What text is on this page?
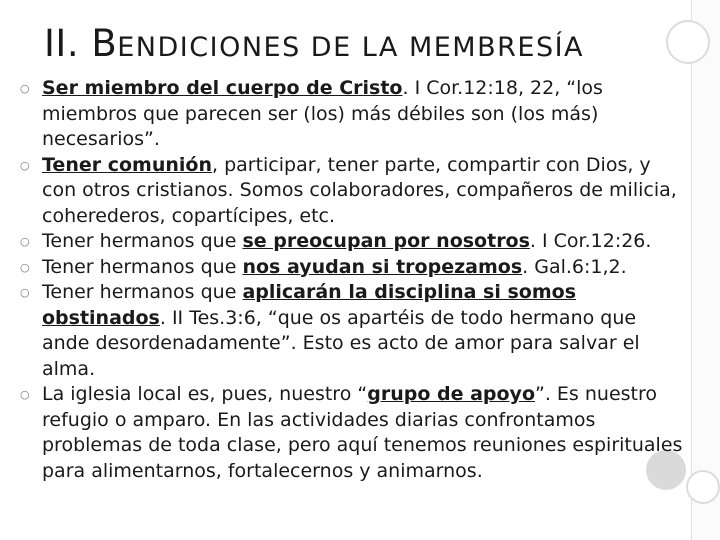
II. BENDICIONES DE LA MEMBRESÍA
○ Ser miembro del cuerpo de Cristo. I Cor.12:18, 22, “los miembros que parecen ser (los) más débiles son (los más) necesarios”.
○ Tener comunión, participar, tener parte, compartir con Dios, y con otros cristianos. Somos colaboradores, compañeros de milicia, coherederos, copartícipes, etc.
○ Tener hermanos que se preocupan por nosotros. I Cor.12:26.
○ Tener hermanos que nos ayudan si tropezamos. Gal.6:1,2.
○ Tener hermanos que aplicarán la disciplina si somos obstinados. II Tes.3:6, “que os apartéis de todo hermano que ande desordenadamente”. Esto es acto de amor para salvar el alma.
○ La iglesia local es, pues, nuestro “grupo de apoyo”. Es nuestro refugio o amparo. En las actividades diarias confrontamos problemas de toda clase, pero aquí tenemos reuniones espirituales para alimentarnos, fortalecernos y animarnos.
